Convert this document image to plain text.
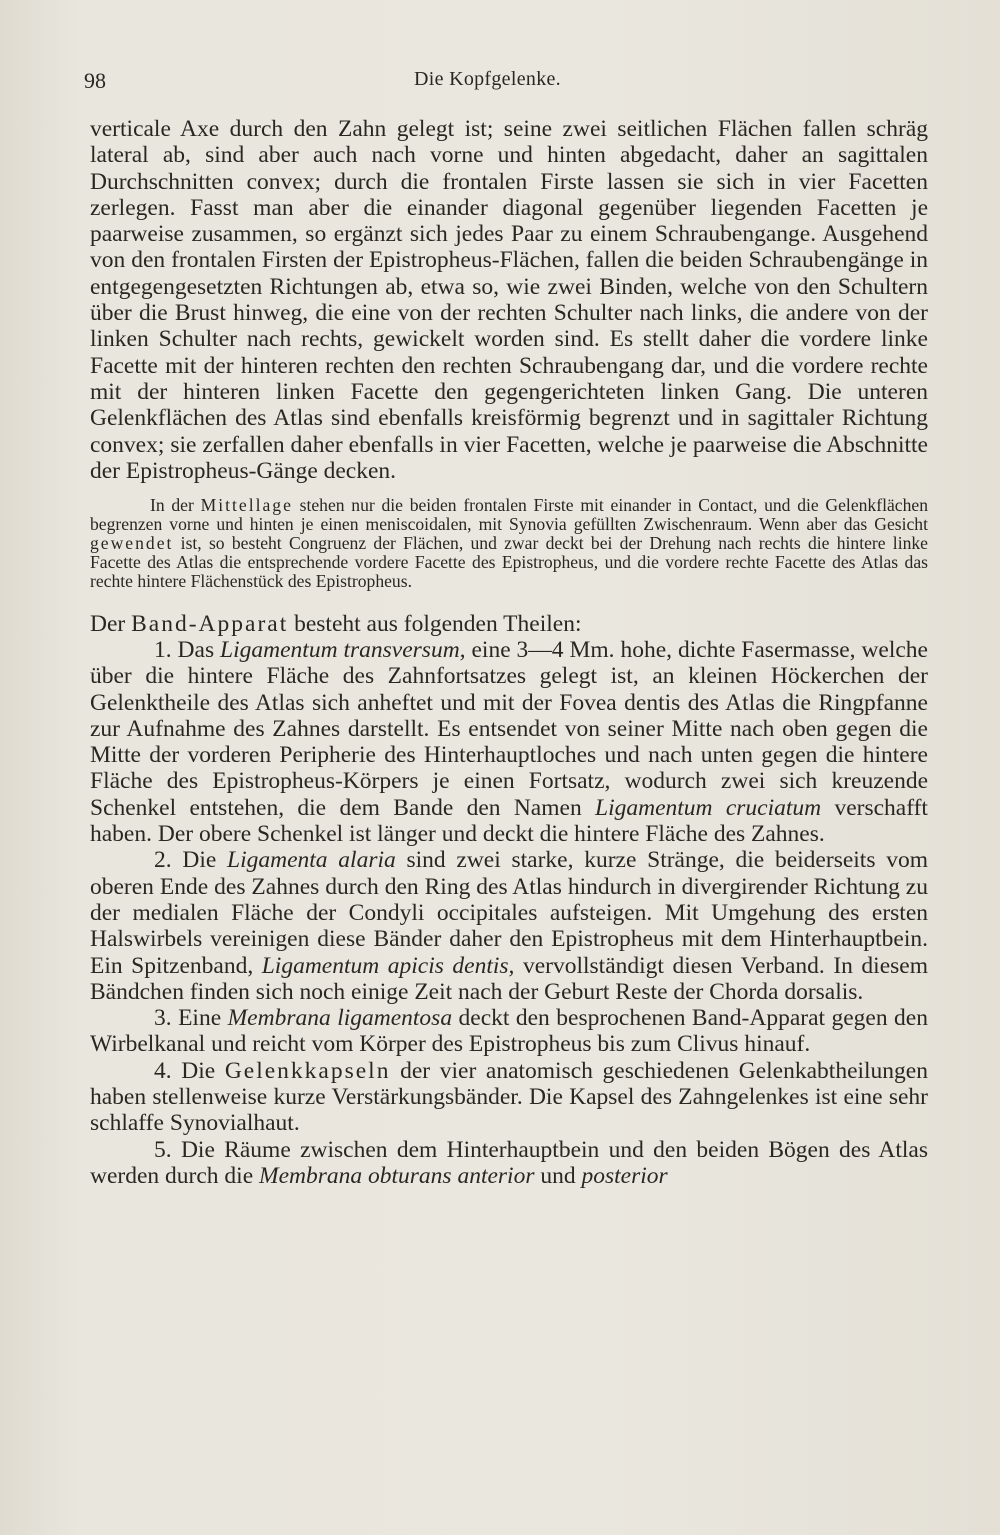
98	Die Kopfgelenke.

verticale Axe durch den Zahn gelegt ist; seine zwei seitlichen Flächen fallen schräg lateral ab, sind aber auch nach vorne und hinten abgedacht, daher an sagittalen Durchschnitten convex; durch die frontalen Firste lassen sie sich in vier Facetten zerlegen. Fasst man aber die einander diagonal gegenüber liegenden Facetten je paarweise zusammen, so ergänzt sich jedes Paar zu einem Schraubengange. Ausgehend von den frontalen Firsten der Epistropheus-Flächen, fallen die beiden Schraubengänge in entgegengesetzten Richtungen ab, etwa so, wie zwei Binden, welche von den Schultern über die Brust hinweg, die eine von der rechten Schulter nach links, die andere von der linken Schulter nach rechts, gewickelt worden sind. Es stellt daher die vordere linke Facette mit der hinteren rechten den rechten Schraubengang dar, und die vordere rechte mit der hinteren linken Facette den gegengerichteten linken Gang. Die unteren Gelenkflächen des Atlas sind ebenfalls kreisförmig begrenzt und in sagittaler Richtung convex; sie zerfallen daher ebenfalls in vier Facetten, welche je paarweise die Abschnitte der Epistropheus-Gänge decken.

In der Mittellage stehen nur die beiden frontalen Firste mit einander in Contact, und die Gelenkflächen begrenzen vorne und hinten je einen meniscoidalen, mit Synovia gefüllten Zwischenraum. Wenn aber das Gesicht gewendet ist, so besteht Congruenz der Flächen, und zwar deckt bei der Drehung nach rechts die hintere linke Facette des Atlas die entsprechende vordere Facette des Epistropheus, und die vordere rechte Facette des Atlas das rechte hintere Flächenstück des Epistropheus.

Der Band-Apparat besteht aus folgenden Theilen:

1. Das Ligamentum transversum, eine 3—4 Mm. hohe, dichte Fasermasse, welche über die hintere Fläche des Zahnfortsatzes gelegt ist, an kleinen Höckerchen der Gelenktheile des Atlas sich anheftet und mit der Fovea dentis des Atlas die Ringpfanne zur Aufnahme des Zahnes darstellt. Es entsendet von seiner Mitte nach oben gegen die Mitte der vorderen Peripherie des Hinterhauptloches und nach unten gegen die hintere Fläche des Epistropheus-Körpers je einen Fortsatz, wodurch zwei sich kreuzende Schenkel entstehen, die dem Bande den Namen Ligamentum cruciatum verschafft haben. Der obere Schenkel ist länger und deckt die hintere Fläche des Zahnes.

2. Die Ligamenta alaria sind zwei starke, kurze Stränge, die beiderseits vom oberen Ende des Zahnes durch den Ring des Atlas hindurch in divergirender Richtung zu der medialen Fläche der Condyli occipitales aufsteigen. Mit Umgehung des ersten Halswirbels vereinigen diese Bänder daher den Epistropheus mit dem Hinterhauptbein. Ein Spitzenband, Ligamentum apicis dentis, vervollständigt diesen Verband. In diesem Bändchen finden sich noch einige Zeit nach der Geburt Reste der Chorda dorsalis.

3. Eine Membrana ligamentosa deckt den besprochenen Band-Apparat gegen den Wirbelkanal und reicht vom Körper des Epistropheus bis zum Clivus hinauf.

4. Die Gelenkkapseln der vier anatomisch geschiedenen Gelenkabtheilungen haben stellenweise kurze Verstärkungsbänder. Die Kapsel des Zahngelenkes ist eine sehr schlaffe Synovialhaut.

5. Die Räume zwischen dem Hinterhauptbein und den beiden Bögen des Atlas werden durch die Membrana obturans anterior und posterior
